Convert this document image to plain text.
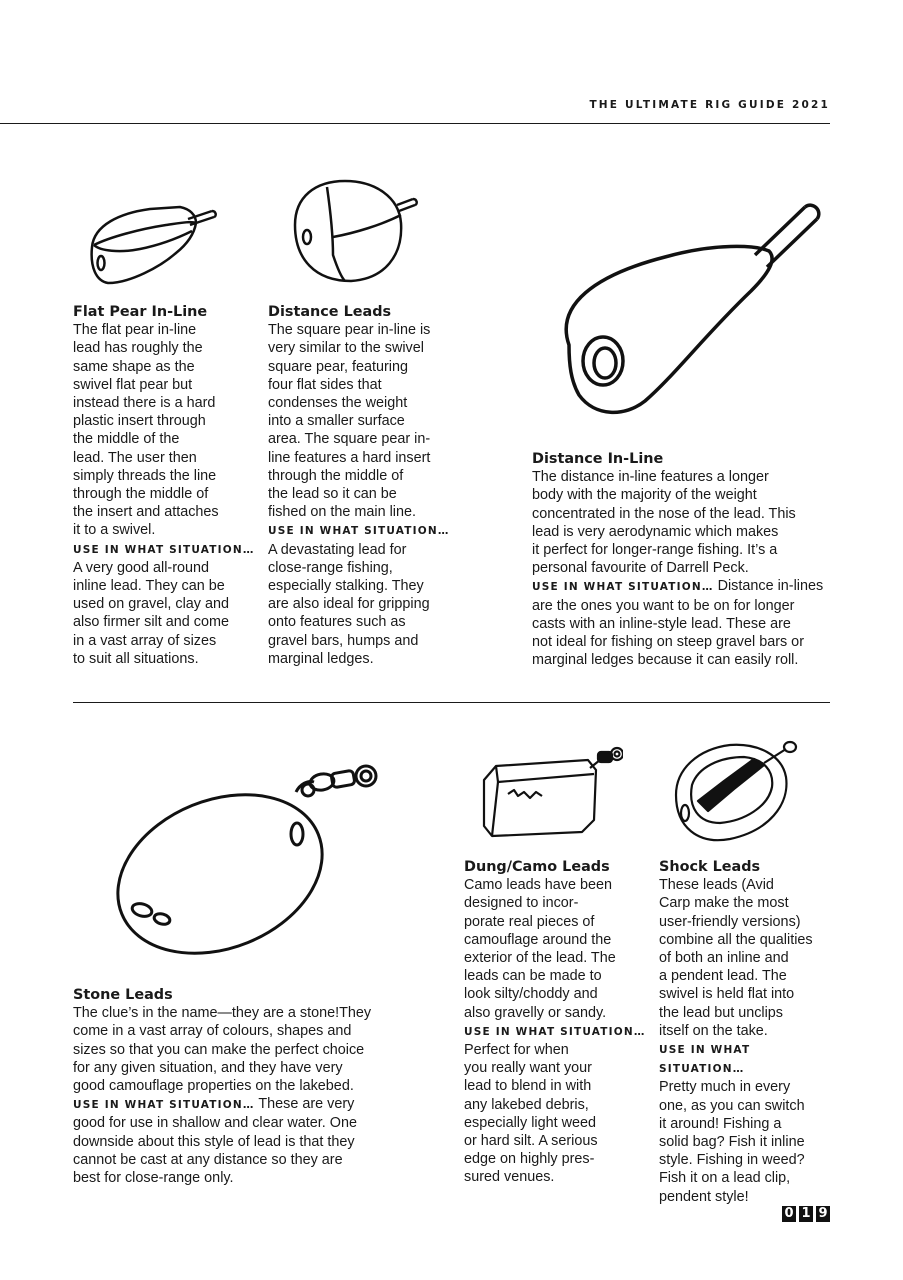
THE ULTIMATE RIG GUIDE 2021
Flat Pear In-Line

The flat pear in-line
lead has roughly the
same shape as the
swivel flat pear but
instead there is a hard
plastic insert through
the middle of the
lead. The user then
simply threads the line
through the middle of
the insert and attaches
it to a swivel.

USE IN WHAT SITUATION…
A very good all-round
inline lead. They can be
used on gravel, clay and
also firmer silt and come
in a vast array of sizes
to suit all situations.

Distance Leads

The square pear in-line is
very similar to the swivel
square pear, featuring
four flat sides that
condenses the weight
into a smaller surface
area. The square pear in-
line features a hard insert
through the middle of
the lead so it can be
fished on the main line.

USE IN WHAT SITUATION…
A devastating lead for
close-range fishing,
especially stalking. They
are also ideal for gripping
onto features such as
gravel bars, humps and
marginal ledges.

Distance In-Line

The distance in-line features a longer
body with the majority of the weight
concentrated in the nose of the lead. This
lead is very aerodynamic which makes
it perfect for longer-range fishing. It’s a
personal favourite of Darrell Peck.

USE IN WHAT SITUATION… Distance in-lines
are the ones you want to be on for longer
casts with an inline-style lead. These are
not ideal for fishing on steep gravel bars or
marginal ledges because it can easily roll.

Stone Leads

The clue’s in the name—they are a stone!They
come in a vast array of colours, shapes and
sizes so that you can make the perfect choice
for any given situation, and they have very
good camouflage properties on the lakebed.

USE IN WHAT SITUATION… These are very
good for use in shallow and clear water. One
downside about this style of lead is that they
cannot be cast at any distance so they are
best for close-range only.

Dung/Camo Leads

Camo leads have been
designed to incor-
porate real pieces of
camouflage around the
exterior of the lead. The
leads can be made to
look silty/choddy and
also gravelly or sandy.

USE IN WHAT SITUATION…
Perfect for when
you really want your
lead to blend in with
any lakebed debris,
especially light weed
or hard silt. A serious
edge on highly pres-
sured venues.

Shock Leads

These leads (Avid
Carp make the most
user-friendly versions)
combine all the qualities
of both an inline and
a pendent lead. The
swivel is held flat into
the lead but unclips
itself on the take.

USE IN WHAT SITUATION…
Pretty much in every
one, as you can switch
it around! Fishing a
solid bag? Fish it inline
style. Fishing in weed?
Fish it on a lead clip,
pendent style!

0 1 9
